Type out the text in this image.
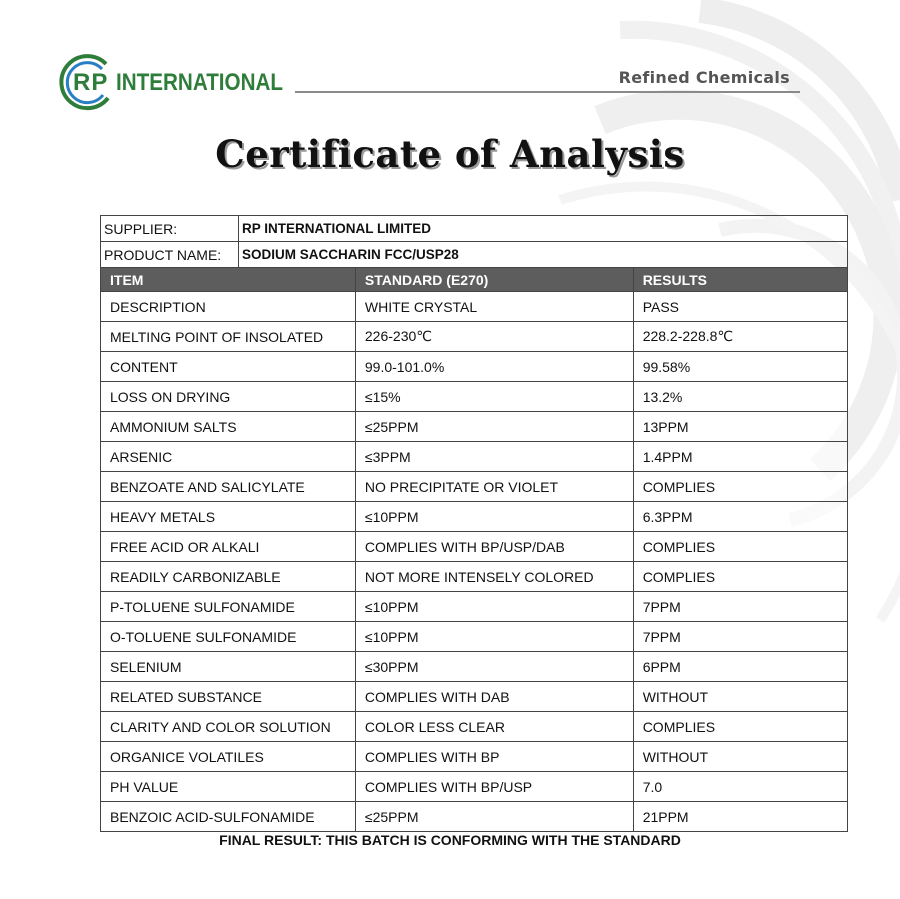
RP INTERNATIONAL	Refined Chemicals
Certificate of Analysis
SUPPLIER:	RP INTERNATIONAL LIMITED
PRODUCT NAME:	SODIUM SACCHARIN FCC/USP28
ITEM	STANDARD (E270)	RESULTS
DESCRIPTION	WHITE CRYSTAL	PASS
MELTING POINT OF INSOLATED	226-230℃	228.2-228.8℃
CONTENT	99.0-101.0%	99.58%
LOSS ON DRYING	≤15%	13.2%
AMMONIUM SALTS	≤25PPM	13PPM
ARSENIC	≤3PPM	1.4PPM
BENZOATE AND SALICYLATE	NO PRECIPITATE OR VIOLET	COMPLIES
HEAVY METALS	≤10PPM	6.3PPM
FREE ACID OR ALKALI	COMPLIES WITH BP/USP/DAB	COMPLIES
READILY CARBONIZABLE	NOT MORE INTENSELY COLORED	COMPLIES
P-TOLUENE SULFONAMIDE	≤10PPM	7PPM
O-TOLUENE SULFONAMIDE	≤10PPM	7PPM
SELENIUM	≤30PPM	6PPM
RELATED SUBSTANCE	COMPLIES WITH DAB	WITHOUT
CLARITY AND COLOR SOLUTION	COLOR LESS CLEAR	COMPLIES
ORGANICE VOLATILES	COMPLIES WITH BP	WITHOUT
PH VALUE	COMPLIES WITH BP/USP	7.0
BENZOIC ACID-SULFONAMIDE	≤25PPM	21PPM
FINAL RESULT: THIS BATCH IS CONFORMING WITH THE STANDARD
